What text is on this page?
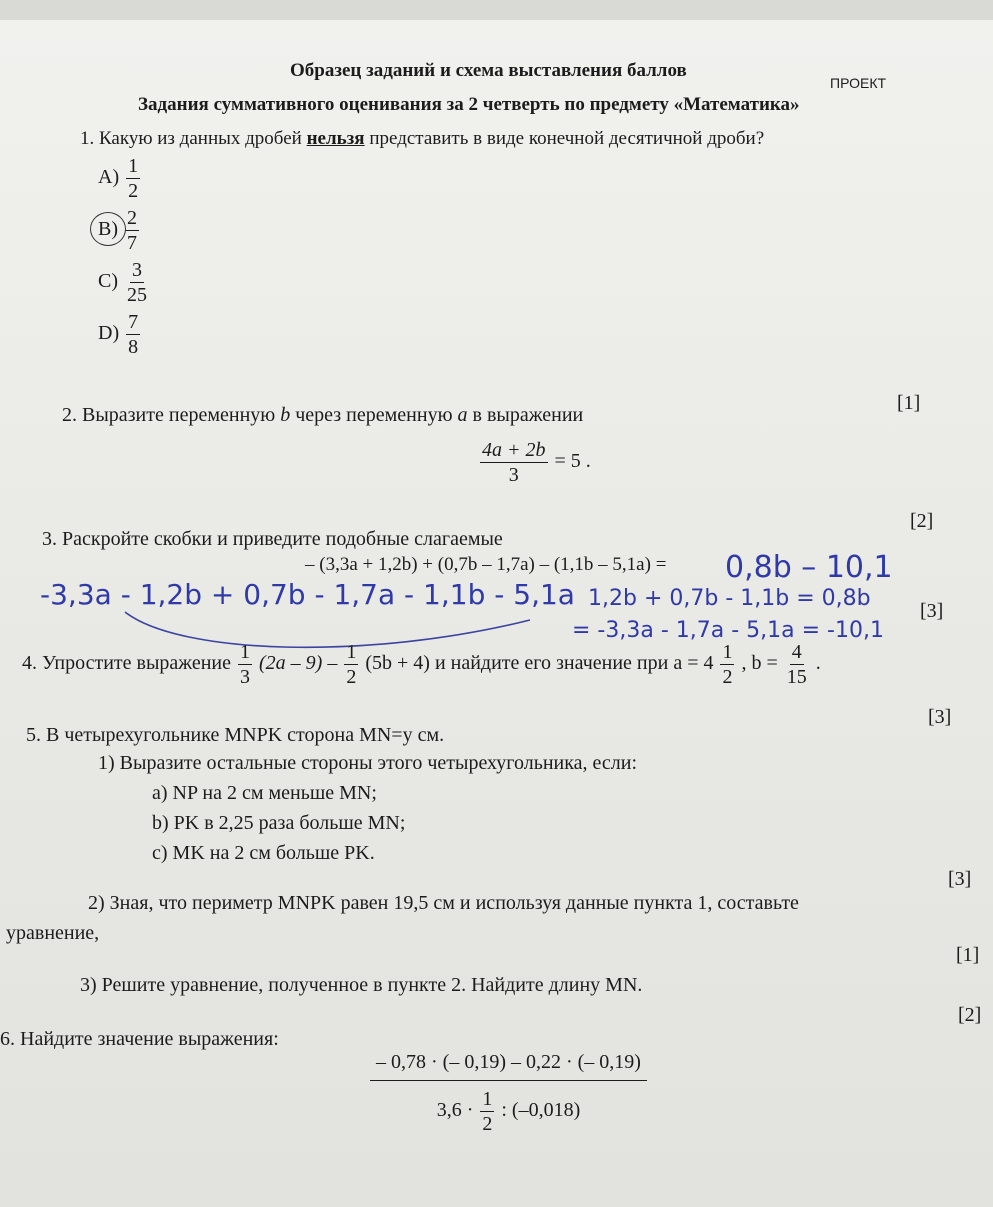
Образец заданий и схема выставления баллов
ПРОЕКТ
Задания суммативного оценивания за 2 четверть по предмету «Математика»
1. Какую из данных дробей нельзя представить в виде конечной десятичной дроби?
$A) \frac{1}{2}$
B)
$\frac{2}{7}$
$C) \frac{3}{25}$
$D) \frac{7}{8}$
[1]
2. Выразите переменную b через переменную a в выражении
$\frac{4a + 2b}{3} = 5$ .
[2]
3. Раскройте скобки и приведите подобные слагаемые
– (3,3a + 1,2b) + (0,7b – 1,7a) – (1,1b – 5,1a) = 0,8b – 10,1
-3,3a - 1,2b + 0,7b - 1,7a - 1,1b - 5,1a 1,2b + 0,7b - 1,1b = 0,8b
= -3,3a - 1,7a - 5,1a = -10,1
[3]
4. Упростите выражение $\frac{1}{3} (2a - 9) - \frac{1}{2} (5b + 4)$ и найдите его значение при $a = 4 \frac{1}{2}$ , $b = \frac{4}{15}$ .
[3]
5. В четырехугольнике MNPK сторона MN=y см.
1) Выразите остальные стороны этого четырехугольника, если:
a) NP на 2 см меньше MN;
b) PK в 2,25 раза больше MN;
c) MK на 2 см больше PK.
[3]
2) Зная, что периметр MNPK равен 19,5 см и используя данные пункта 1, составьте
уравнение,
[1]
3) Решите уравнение, полученное в пункте 2. Найдите длину MN.
[2]
6. Найдите значение выражения:
$\frac{- 0,78 \cdot (- 0,19) - 0,22 \cdot (- 0,19)}{3,6 \cdot \frac{1}{2} : (-0,018)}$
